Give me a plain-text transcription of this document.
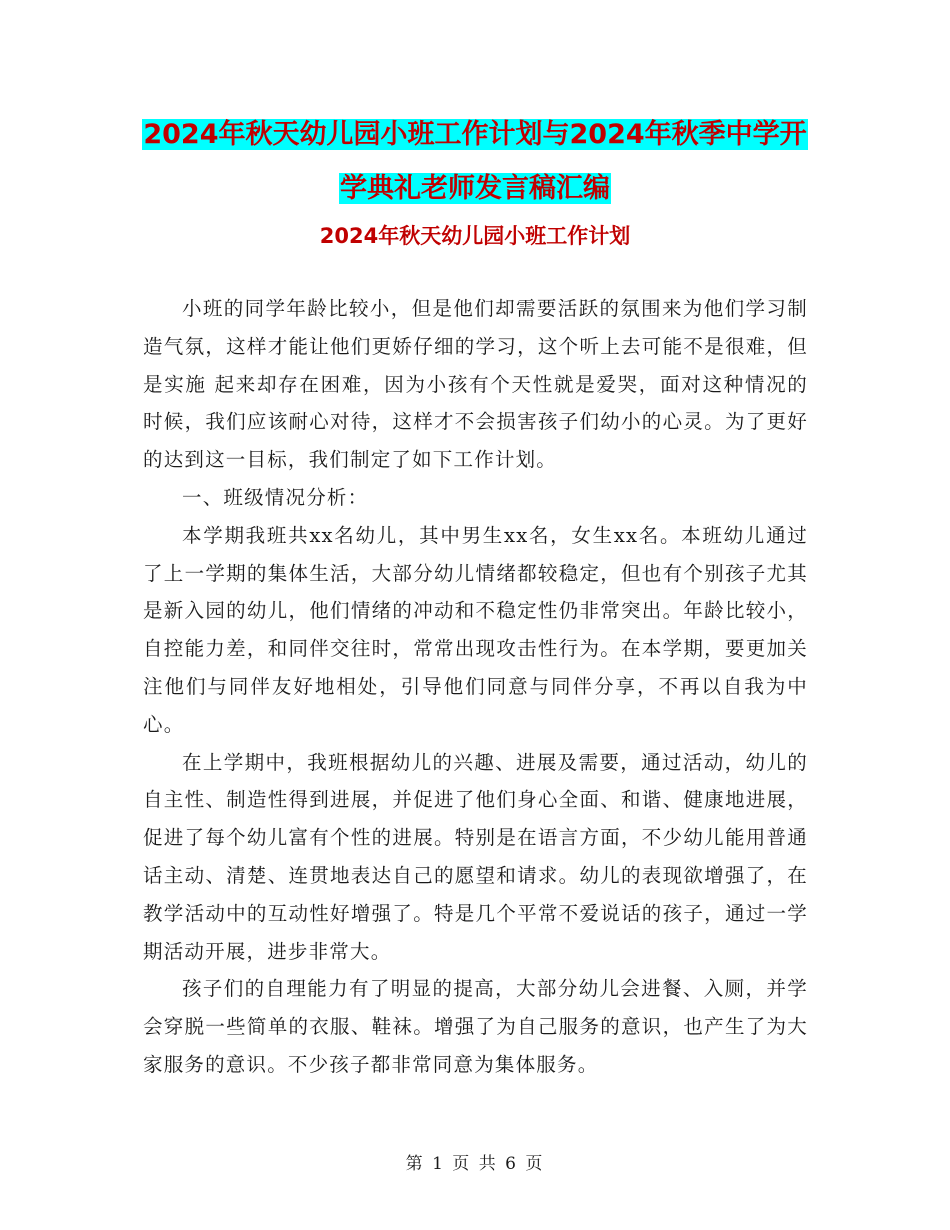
2024年秋天幼儿园小班工作计划与2024年秋季中学开
学典礼老师发言稿汇编
2024年秋天幼儿园小班工作计划

小班的同学年龄比较小，但是他们却需要活跃的氛围来为他们学习制造气氛，这样才能让他们更娇仔细的学习，这个听上去可能不是很难，但是实施 起来却存在困难，因为小孩有个天性就是爱哭，面对这种情况的时候，我们应该耐心对待，这样才不会损害孩子们幼小的心灵。为了更好的达到这一目标，我们制定了如下工作计划。

一、班级情况分析：

本学期我班共xx名幼儿，其中男生xx名，女生xx名。本班幼儿通过了上一学期的集体生活，大部分幼儿情绪都较稳定，但也有个别孩子尤其是新入园的幼儿，他们情绪的冲动和不稳定性仍非常突出。年龄比较小，自控能力差，和同伴交往时，常常出现攻击性行为。在本学期，要更加关注他们与同伴友好地相处，引导他们同意与同伴分享，不再以自我为中心。

在上学期中，我班根据幼儿的兴趣、进展及需要，通过活动，幼儿的自主性、制造性得到进展，并促进了他们身心全面、和谐、健康地进展，促进了每个幼儿富有个性的进展。特别是在语言方面，不少幼儿能用普通话主动、清楚、连贯地表达自己的愿望和请求。幼儿的表现欲增强了，在教学活动中的互动性好增强了。特是几个平常不爱说话的孩子，通过一学期活动开展，进步非常大。

孩子们的自理能力有了明显的提高，大部分幼儿会进餐、入厕，并学会穿脱一些简单的衣服、鞋袜。增强了为自己服务的意识，也产生了为大家服务的意识。不少孩子都非常同意为集体服务。

第 1 页 共 6 页
